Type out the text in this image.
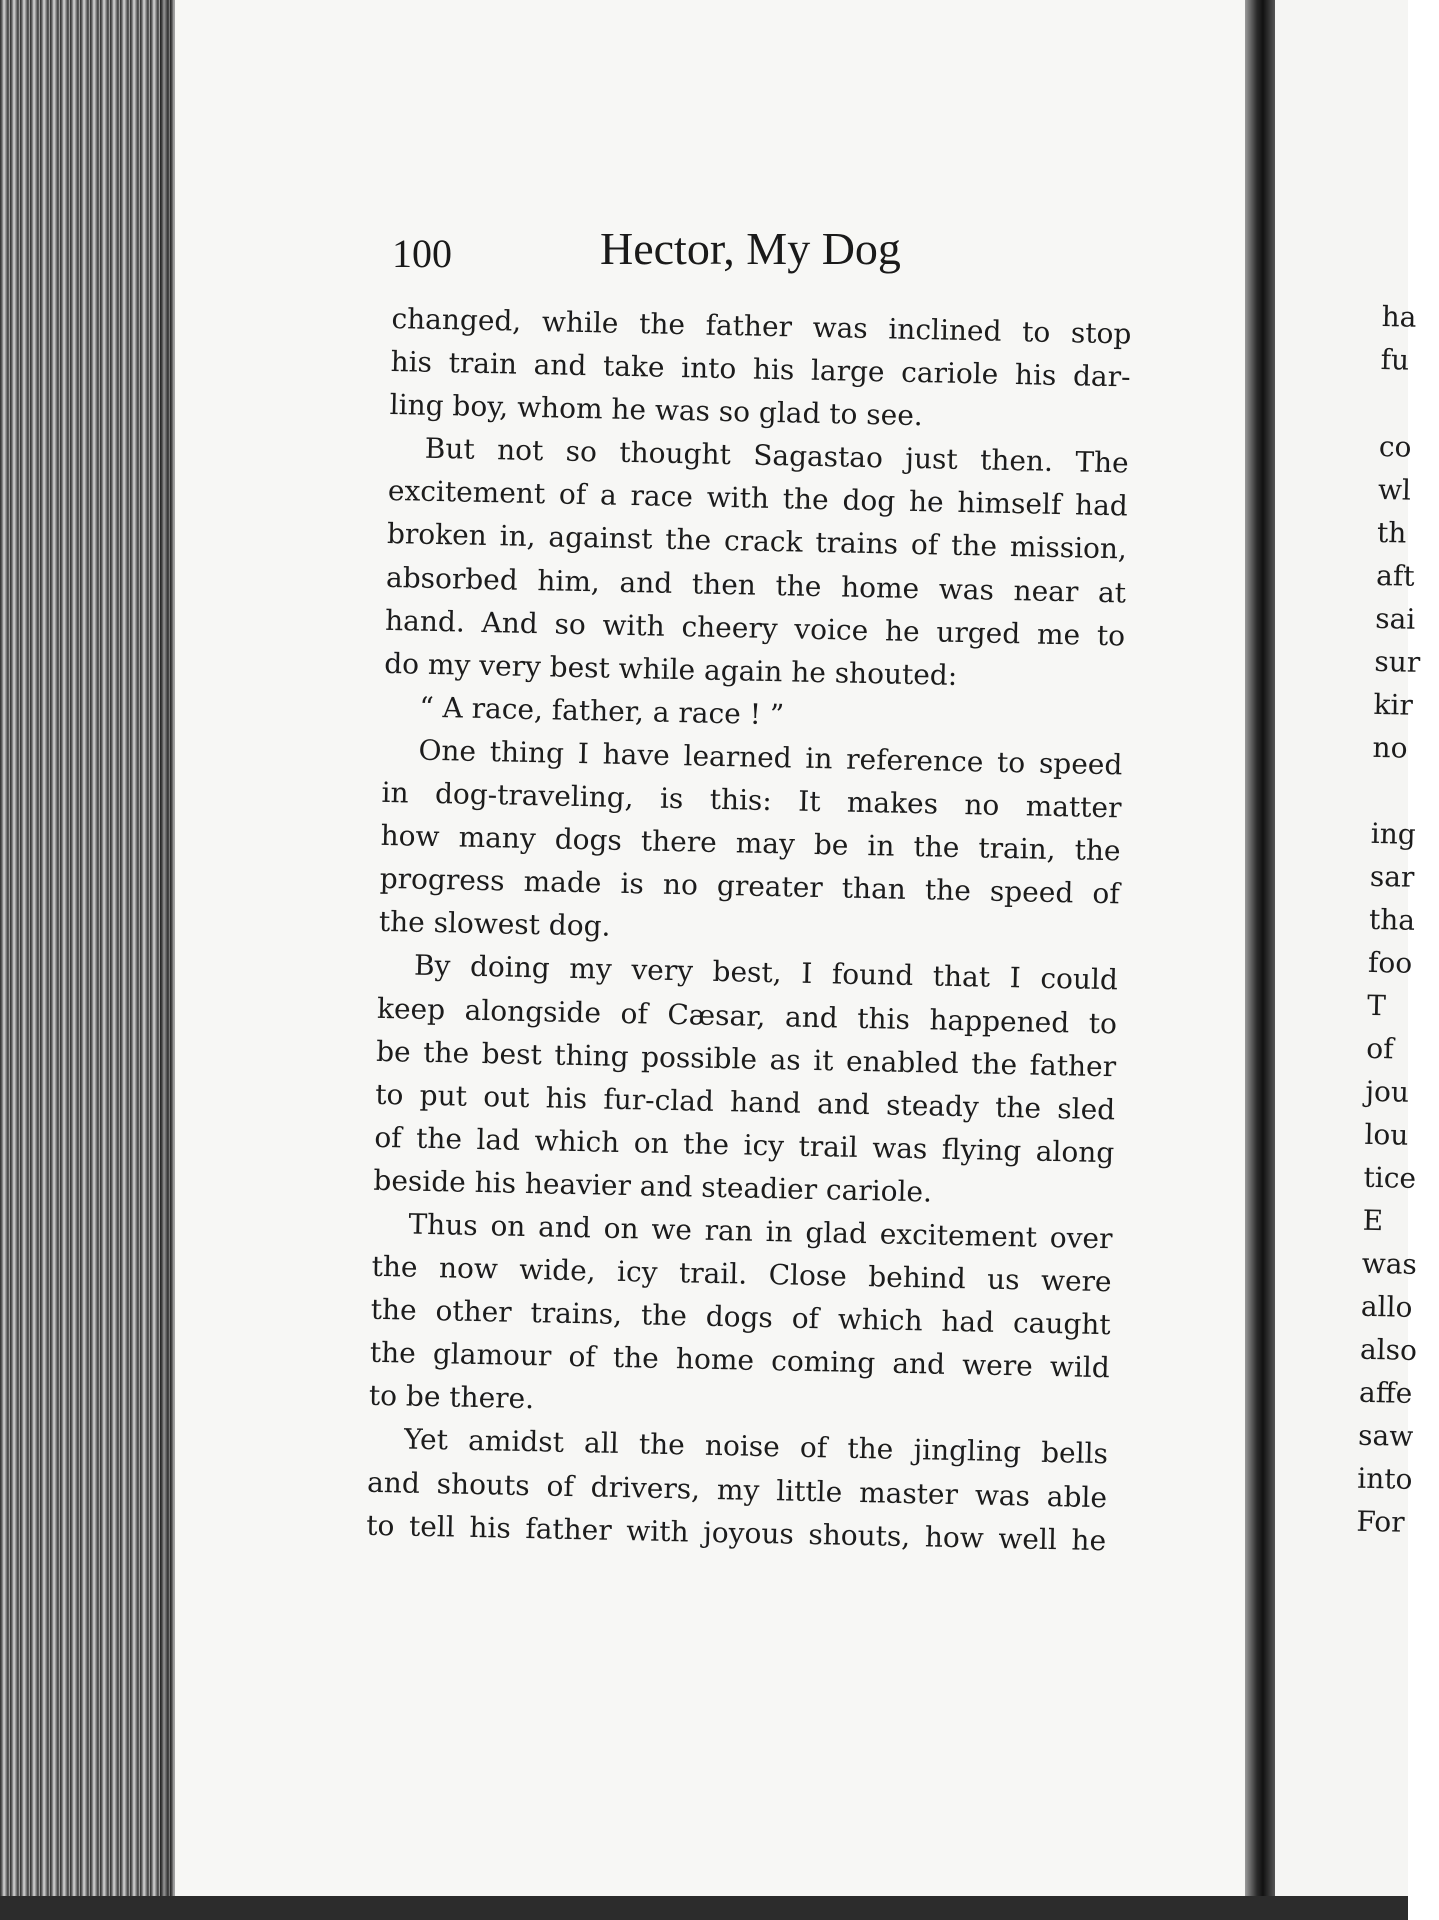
100	Hector, My Dog
changed, while the father was inclined to stop
his train and take into his large cariole his dar-
ling boy, whom he was so glad to see.
But not so thought Sagastao just then. The
excitement of a race with the dog he himself had
broken in, against the crack trains of the mission,
absorbed him, and then the home was near at
hand. And so with cheery voice he urged me to
do my very best while again he shouted:
“ A race, father, a race ! ”
One thing I have learned in reference to speed
in dog-traveling, is this: It makes no matter
how many dogs there may be in the train, the
progress made is no greater than the speed of
the slowest dog.
By doing my very best, I found that I could
keep alongside of Cæsar, and this happened to
be the best thing possible as it enabled the father
to put out his fur-clad hand and steady the sled
of the lad which on the icy trail was flying along
beside his heavier and steadier cariole.
Thus on and on we ran in glad excitement over
the now wide, icy trail. Close behind us were
the other trains, the dogs of which had caught
the glamour of the home coming and were wild
to be there.
Yet amidst all the noise of the jingling bells
and shouts of drivers, my little master was able
to tell his father with joyous shouts, how well he
ha
fu
co
wl
th
aft
sai
sur
kir
no
ing
sar
tha
foo
T
of
jou
lou
tice
E
was
allo
also
affe
saw
into
For
